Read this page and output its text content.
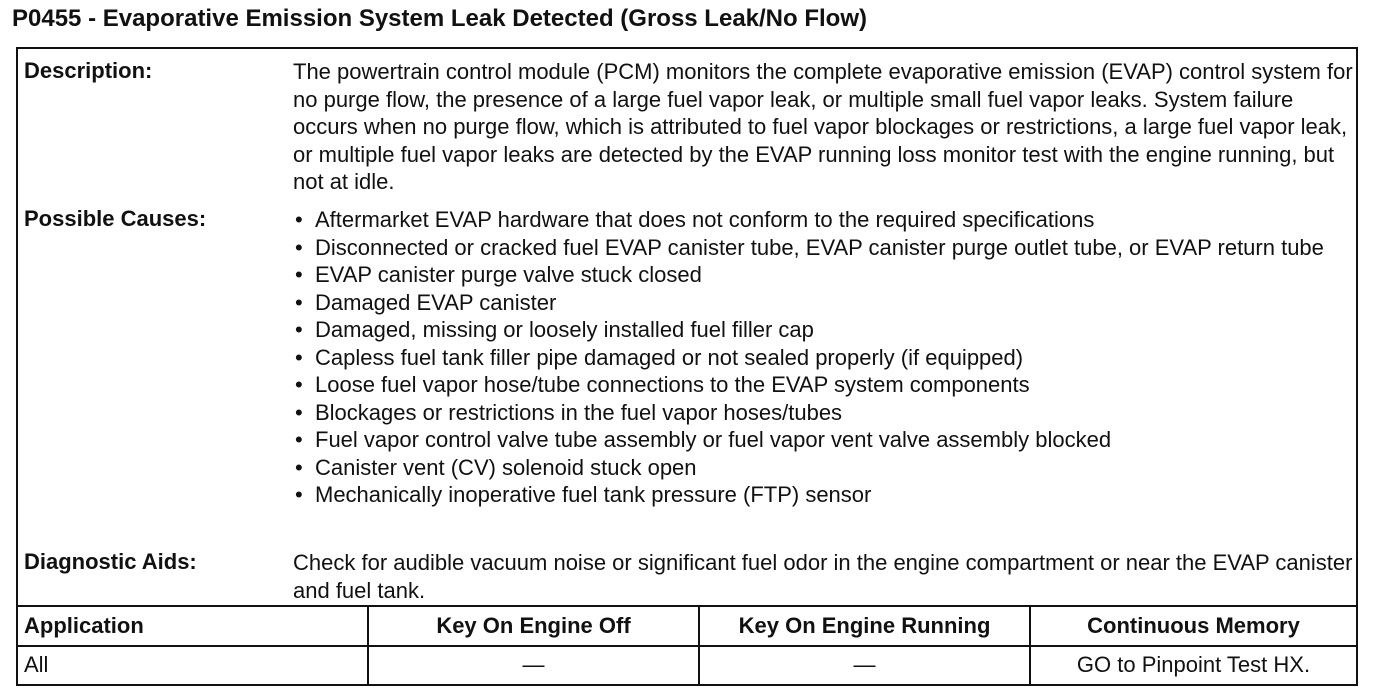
P0455 - Evaporative Emission System Leak Detected (Gross Leak/No Flow)
Description:	The powertrain control module (PCM) monitors the complete evaporative emission (EVAP) control system for no purge flow, the presence of a large fuel vapor leak, or multiple small fuel vapor leaks. System failure occurs when no purge flow, which is attributed to fuel vapor blockages or restrictions, a large fuel vapor leak, or multiple fuel vapor leaks are detected by the EVAP running loss monitor test with the engine running, but not at idle.
Possible Causes:	• Aftermarket EVAP hardware that does not conform to the required specifications
• Disconnected or cracked fuel EVAP canister tube, EVAP canister purge outlet tube, or EVAP return tube
• EVAP canister purge valve stuck closed
• Damaged EVAP canister
• Damaged, missing or loosely installed fuel filler cap
• Capless fuel tank filler pipe damaged or not sealed properly (if equipped)
• Loose fuel vapor hose/tube connections to the EVAP system components
• Blockages or restrictions in the fuel vapor hoses/tubes
• Fuel vapor control valve tube assembly or fuel vapor vent valve assembly blocked
• Canister vent (CV) solenoid stuck open
• Mechanically inoperative fuel tank pressure (FTP) sensor
Diagnostic Aids:	Check for audible vacuum noise or significant fuel odor in the engine compartment or near the EVAP canister and fuel tank.
Application	Key On Engine Off	Key On Engine Running	Continuous Memory
All	—	—	GO to Pinpoint Test HX.
